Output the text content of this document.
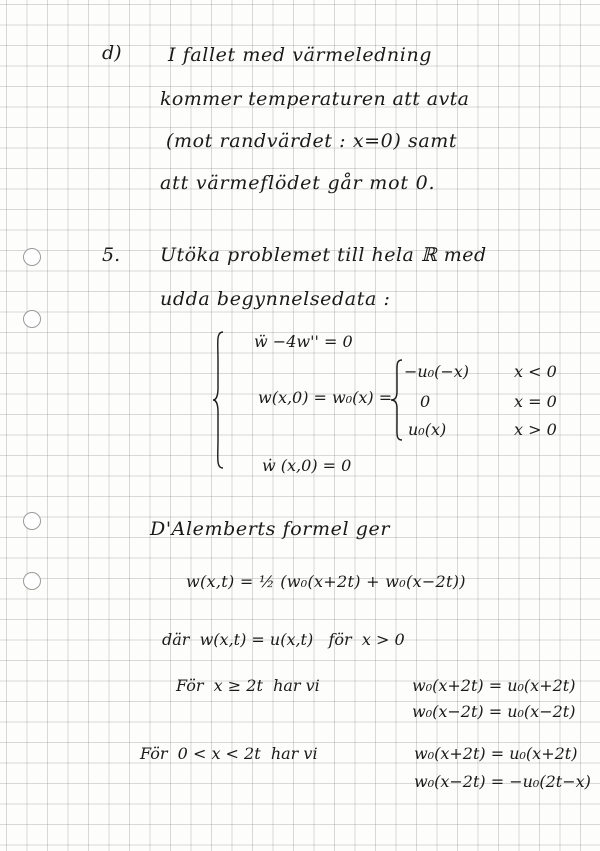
d) I fallet med värmeledning
kommer temperaturen att avta
(mot randvärdet : x=0) samt
att värmeflödet går mot 0.
5. Utöka problemet till hela ℝ med
udda begynnelsedata :
ẅ −4w'' = 0
w(x,0) = w₀(x) =
−u₀(−x)	x < 0
0	x = 0
u₀(x)	x > 0
ẇ (x,0) = 0
D'Alemberts formel ger
w(x,t) = ½ (w₀(x+2t) + w₀(x−2t))
där  w(x,t) = u(x,t)   för  x > 0
För  x ≥ 2t  har vi	w₀(x+2t) = u₀(x+2t)
w₀(x−2t) = u₀(x−2t)
För  0 < x < 2t  har vi	w₀(x+2t) = u₀(x+2t)
w₀(x−2t) = −u₀(2t−x)
